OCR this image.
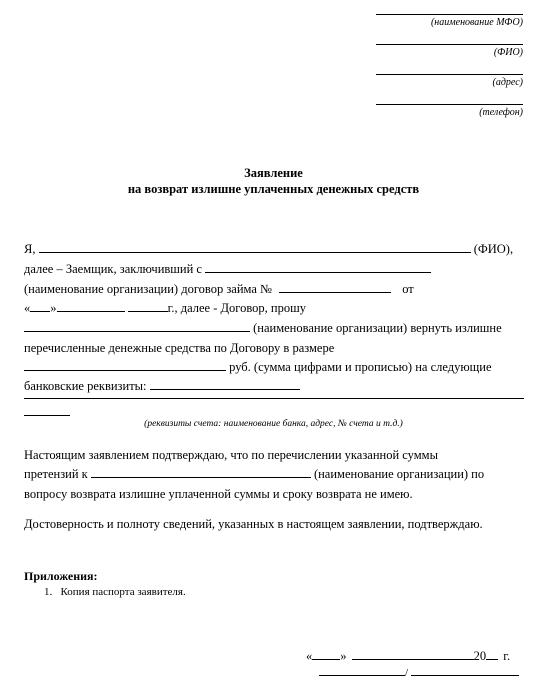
(наименование МФО)
(ФИО)
(адрес)
(телефон)
Заявление
на возврат излишне уплаченных денежных средств
Я,	(ФИО),
далее – Заемщик, заключивший с
(наименование организации) договор займа №	от
« »	г., далее - Договор, прошу
(наименование организации) вернуть излишне
перечисленные денежные средства по Договору в размере
руб. (сумма цифрами и прописью) на следующие
банковские реквизиты:
(реквизиты счета: наименование банка, адрес, № счета и т.д.)
Настоящим заявлением подтверждаю, что по перечислении указанной суммы
претензий к	(наименование организации) по
вопросу возврата излишне уплаченной суммы и сроку возврата не имею.
Достоверность и полноту сведений, указанных в настоящем заявлении, подтверждаю.
Приложения:
1. Копия паспорта заявителя.
« »	20 г.
/
